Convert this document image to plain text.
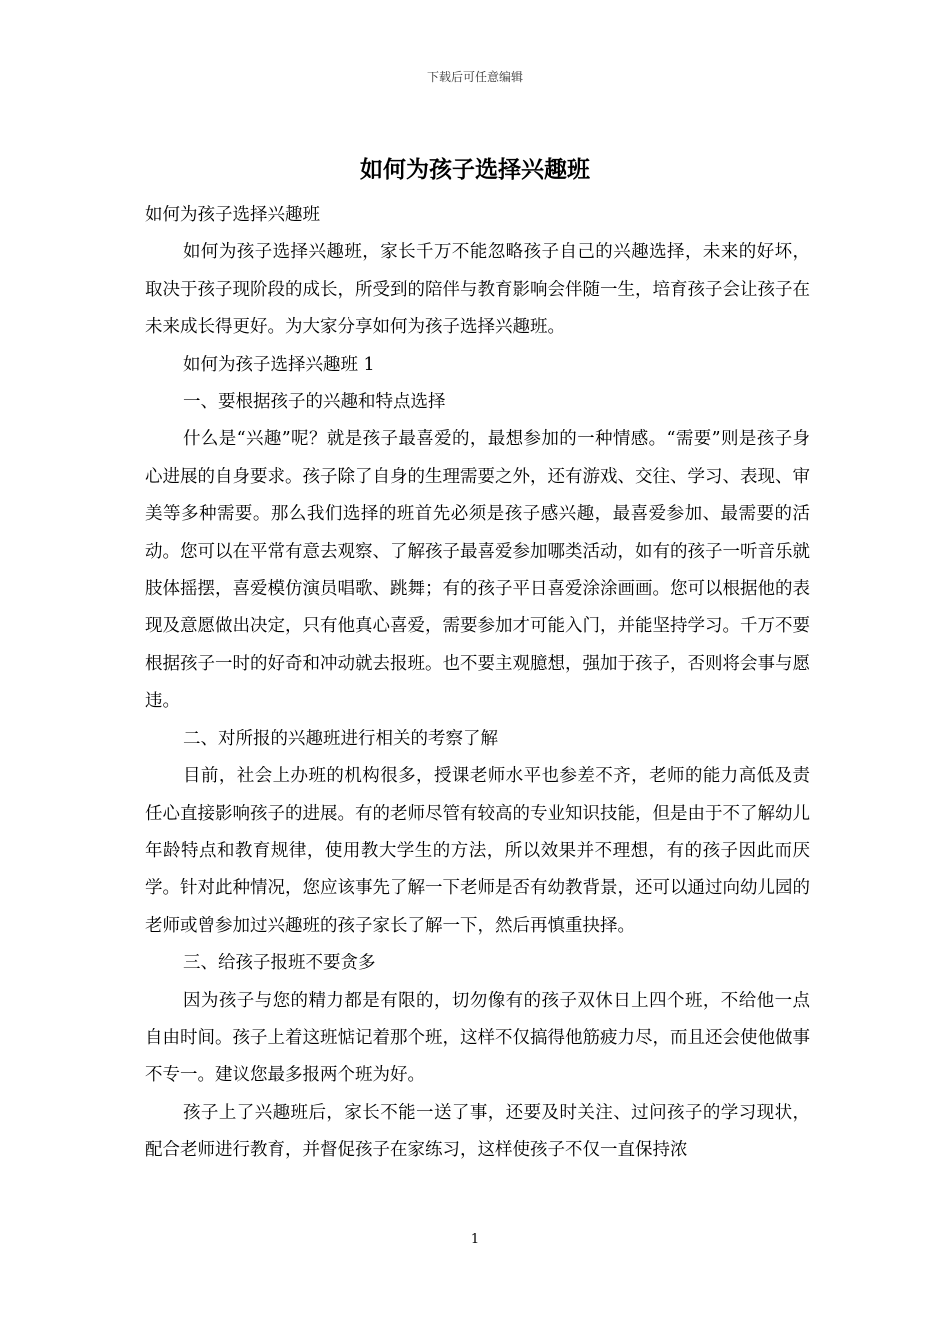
下载后可任意编辑
如何为孩子选择兴趣班

如何为孩子选择兴趣班

如何为孩子选择兴趣班，家长千万不能忽略孩子自己的兴趣选择，未来的好坏，取决于孩子现阶段的成长，所受到的陪伴与教育影响会伴随一生，培育孩子会让孩子在未来成长得更好。为大家分享如何为孩子选择兴趣班。

如何为孩子选择兴趣班 1

一、要根据孩子的兴趣和特点选择

什么是“兴趣”呢？就是孩子最喜爱的，最想参加的一种情感。“需要”则是孩子身心进展的自身要求。孩子除了自身的生理需要之外，还有游戏、交往、学习、表现、审美等多种需要。那么我们选择的班首先必须是孩子感兴趣，最喜爱参加、最需要的活动。您可以在平常有意去观察、了解孩子最喜爱参加哪类活动，如有的孩子一听音乐就肢体摇摆，喜爱模仿演员唱歌、跳舞；有的孩子平日喜爱涂涂画画。您可以根据他的表现及意愿做出决定，只有他真心喜爱，需要参加才可能入门，并能坚持学习。千万不要根据孩子一时的好奇和冲动就去报班。也不要主观臆想，强加于孩子，否则将会事与愿违。

二、对所报的兴趣班进行相关的考察了解

目前，社会上办班的机构很多，授课老师水平也参差不齐，老师的能力高低及责任心直接影响孩子的进展。有的老师尽管有较高的专业知识技能，但是由于不了解幼儿年龄特点和教育规律，使用教大学生的方法，所以效果并不理想，有的孩子因此而厌学。针对此种情况，您应该事先了解一下老师是否有幼教背景，还可以通过向幼儿园的老师或曾参加过兴趣班的孩子家长了解一下，然后再慎重抉择。

三、给孩子报班不要贪多

因为孩子与您的精力都是有限的，切勿像有的孩子双休日上四个班，不给他一点自由时间。孩子上着这班惦记着那个班，这样不仅搞得他筋疲力尽，而且还会使他做事不专一。建议您最多报两个班为好。

孩子上了兴趣班后，家长不能一送了事，还要及时关注、过问孩子的学习现状，配合老师进行教育，并督促孩子在家练习，这样使孩子不仅一直保持浓

1
